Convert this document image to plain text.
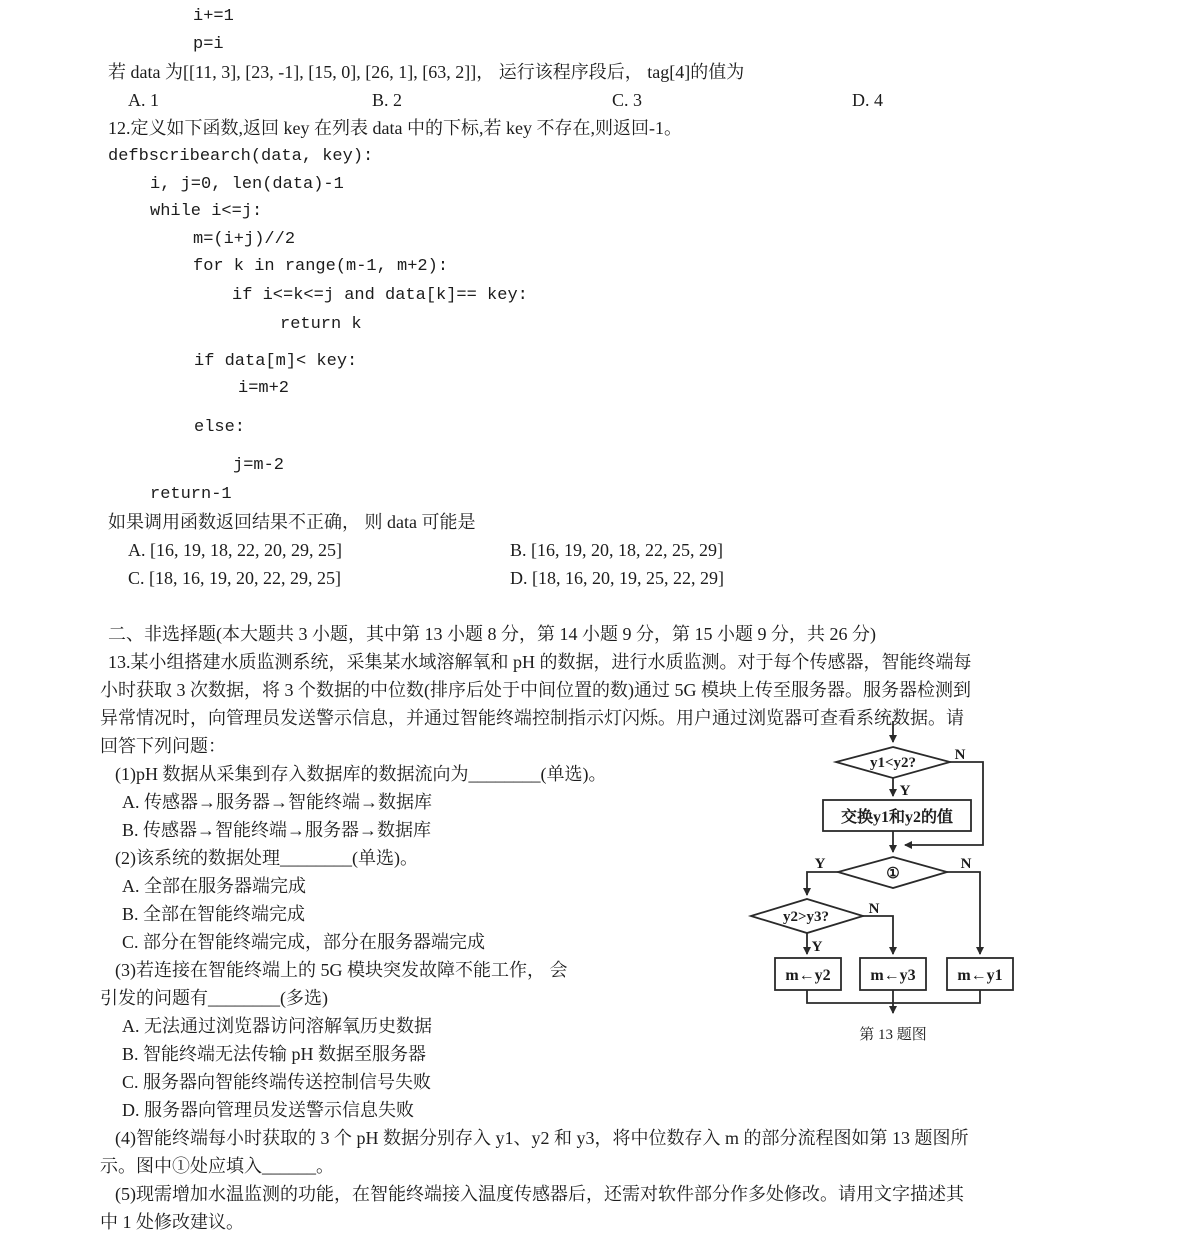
i+=1
p=i
若 data 为[[11, 3], [23, -1], [15, 0], [26, 1], [63, 2]]， 运行该程序段后， tag[4]的值为
A. 1	B. 2	C. 3	D. 4
12.定义如下函数,返回 key 在列表 data 中的下标,若 key 不存在,则返回-1。
defbscribearch(data, key):
i, j=0, len(data)-1
while i<=j:
m=(i+j)//2
for k in range(m-1, m+2):
if i<=k<=j and data[k]== key:
return k
if data[m]< key:
i=m+2
else:
j=m-2
return-1
如果调用函数返回结果不正确， 则 data 可能是
A. [16, 19, 18, 22, 20, 29, 25]	B. [16, 19, 20, 18, 22, 25, 29]
C. [18, 16, 19, 20, 22, 29, 25]	D. [18, 16, 20, 19, 25, 22, 29]
二、非选择题(本大题共 3 小题，其中第 13 小题 8 分，第 14 小题 9 分，第 15 小题 9 分，共 26 分)
13.某小组搭建水质监测系统，采集某水域溶解氧和 pH 的数据，进行水质监测。对于每个传感器，智能终端每
小时获取 3 次数据，将 3 个数据的中位数(排序后处于中间位置的数)通过 5G 模块上传至服务器。服务器检测到
异常情况时，向管理员发送警示信息，并通过智能终端控制指示灯闪烁。用户通过浏览器可查看系统数据。请
回答下列问题：
(1)pH 数据从采集到存入数据库的数据流向为________(单选)。
A. 传感器→服务器→智能终端→数据库
B. 传感器→智能终端→服务器→数据库
(2)该系统的数据处理________(单选)。
A. 全部在服务器端完成
B. 全部在智能终端完成
C. 部分在智能终端完成，部分在服务器端完成
(3)若连接在智能终端上的 5G 模块突发故障不能工作， 会
引发的问题有________(多选)
A. 无法通过浏览器访问溶解氧历史数据
B. 智能终端无法传输 pH 数据至服务器
C. 服务器向智能终端传送控制信号失败
D. 服务器向管理员发送警示信息失败
(4)智能终端每小时获取的 3 个 pH 数据分别存入 y1、y2 和 y3，将中位数存入 m 的部分流程图如第 13 题图所
示。图中①处应填入______。
(5)现需增加水温监测的功能，在智能终端接入温度传感器后，还需对软件部分作多处修改。请用文字描述其
中 1 处修改建议。
y1<y2?	N
Y
交换y1和y2的值
①
Y	N
y2>y3?	N
Y
m←y2 m←y3	m←y1
第 13 题图
